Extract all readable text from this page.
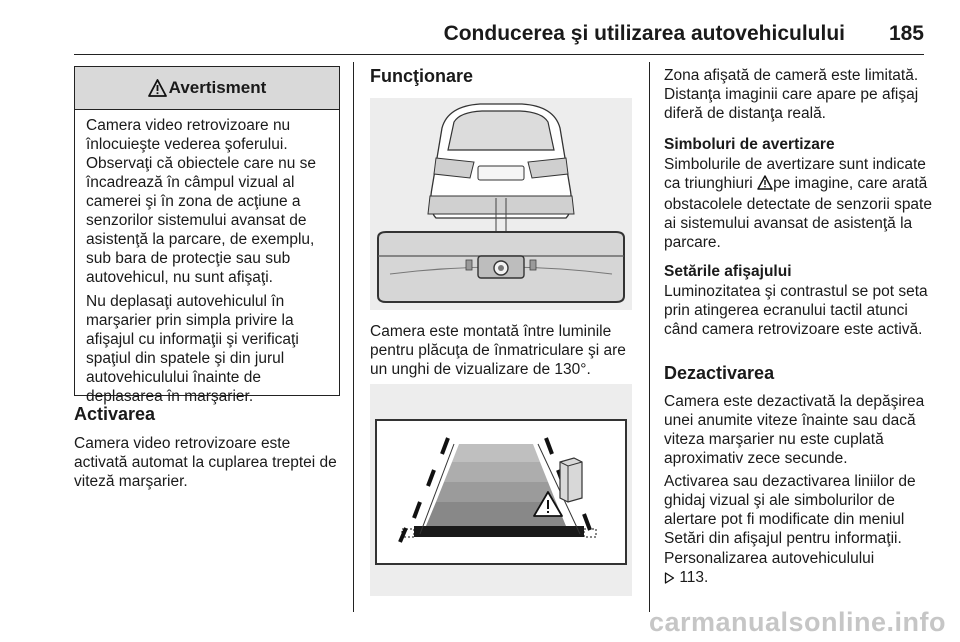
Conducerea şi utilizarea autovehiculului 185
Avertisment

Camera video retrovizoare nu înlocuieşte vederea şoferului. Observaţi că obiectele care nu se încadrează în câmpul vizual al camerei şi în zona de acţiune a senzorilor sistemului avansat de asistenţă la parcare, de exemplu, sub bara de protecţie sau sub autovehicul, nu sunt afişaţi.

Nu deplasaţi autovehiculul în marşarier prin simpla privire la afişajul cu informaţii şi verificaţi spaţiul din spatele şi din jurul autovehiculului înainte de deplasarea în marşarier.

Activarea

Camera video retrovizoare este activată automat la cuplarea treptei de viteză marşarier.

Funcţionare

Camera este montată între luminile pentru plăcuţa de înmatriculare şi are un unghi de vizualizare de 130°.

Zona afişată de cameră este limitată. Distanţa imaginii care apare pe afişaj diferă de distanţa reală.

Simboluri de avertizare

Simbolurile de avertizare sunt indicate ca triunghiuri pe imagine, care arată obstacolele detectate de senzorii spate ai sistemului avansat de asistenţă la parcare.

Setările afişajului

Luminozitatea şi contrastul se pot seta prin atingerea ecranului tactil atunci când camera retrovizoare este activă.

Dezactivarea

Camera este dezactivată la depăşirea unei anumite viteze înainte sau dacă viteza marşarier nu este cuplată aproximativ zece secunde.

Activarea sau dezactivarea liniilor de ghidaj vizual şi ale simbolurilor de alertare pot fi modificate din meniul Setări din afişajul pentru informaţii.

Personalizarea autovehiculului

113.

carmanualsonline.info
